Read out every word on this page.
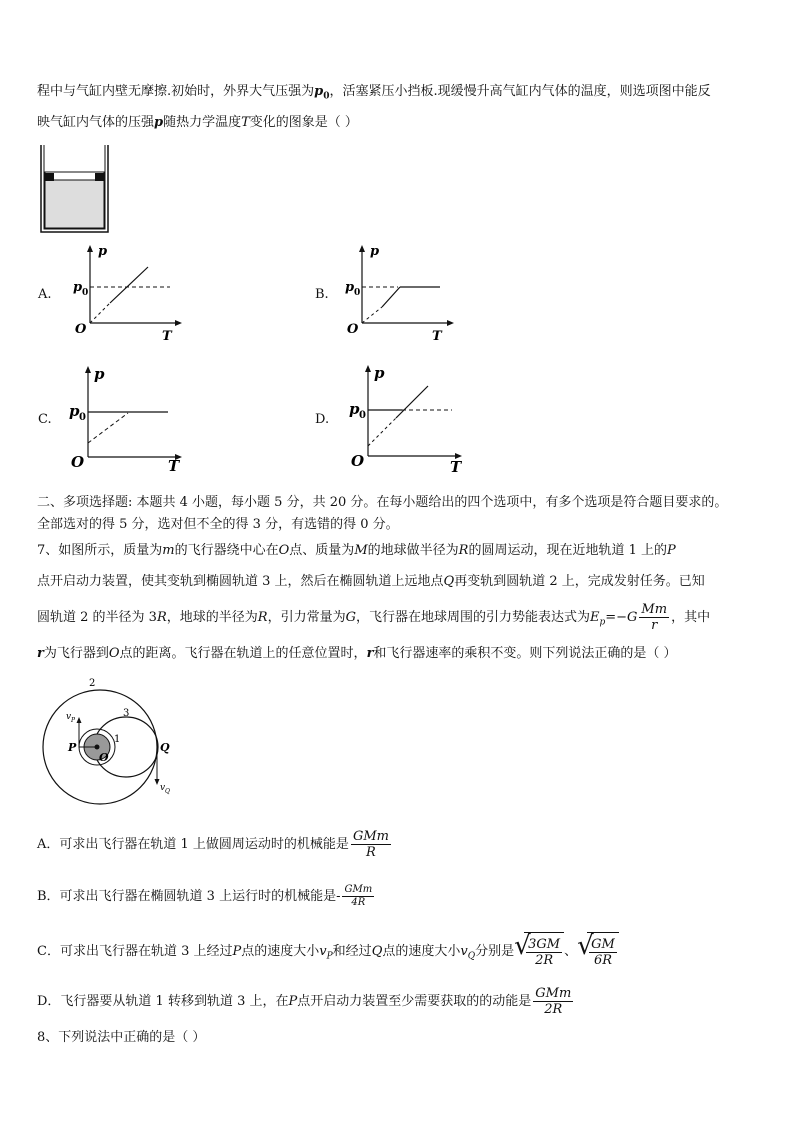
程中与气缸内壁无摩擦.初始时，外界大气压强为$p_0$，活塞紧压小挡板.现缓慢升高气缸内气体的温度，则选项图中能反
映气缸内气体的压强p随热力学温度T变化的图象是（ ）
A.
p
p 0
O	T
B.
p
p 0
O	T
C.
p
p 0
O	T
D.
p
p 0
O	T
二、多项选择题: 本题共 4 小题，每小题 5 分，共 20 分。在每小题给出的四个选项中，有多个选项是符合题目要求的。
全部选对的得 5 分，选对但不全的得 3 分，有选错的得 0 分。
7、如图所示，质量为m的飞行器绕中心在O点、质量为M的地球做半径为R的圆周运动，现在近地轨道 1 上的P
点开启动力装置，使其变轨到椭圆轨道 3 上，然后在椭圆轨道上远地点Q再变轨到圆轨道 2 上，完成发射任务。已知
圆轨道 2 的半径为 3R，地球的半径为R，引力常量为G，飞行器在地球周围的引力势能表达式为$E_p=-G \frac{Mm}{r}$ ，其中
r为飞行器到O点的距离。飞行器在轨道上的任意位置时，r和飞行器速率的乘积不变。则下列说法正确的是（ ）
2
3
1
v P
P
O
Q
v Q
A．可求出飞行器在轨道 1 上做圆周运动时的机械能是 $\frac{\text{GMm}}{R}$
B．可求出飞行器在椭圆轨道 3 上运行时的机械能是- $\frac{\text{GMm}}{4R}$
C．可求出飞行器在轨道 3 上经过P点的速度大小$v_P$和经过Q点的速度大小$v_Q$分别是 √
$\frac{3GM}{2R}$ 、 √
$\frac{GM}{6R}$
D．飞行器要从轨道 1 转移到轨道 3 上，在P点开启动力装置至少需要获取的的动能是 $\frac{\text{GMm}}{2R}$
8、下列说法中正确的是（ ）
